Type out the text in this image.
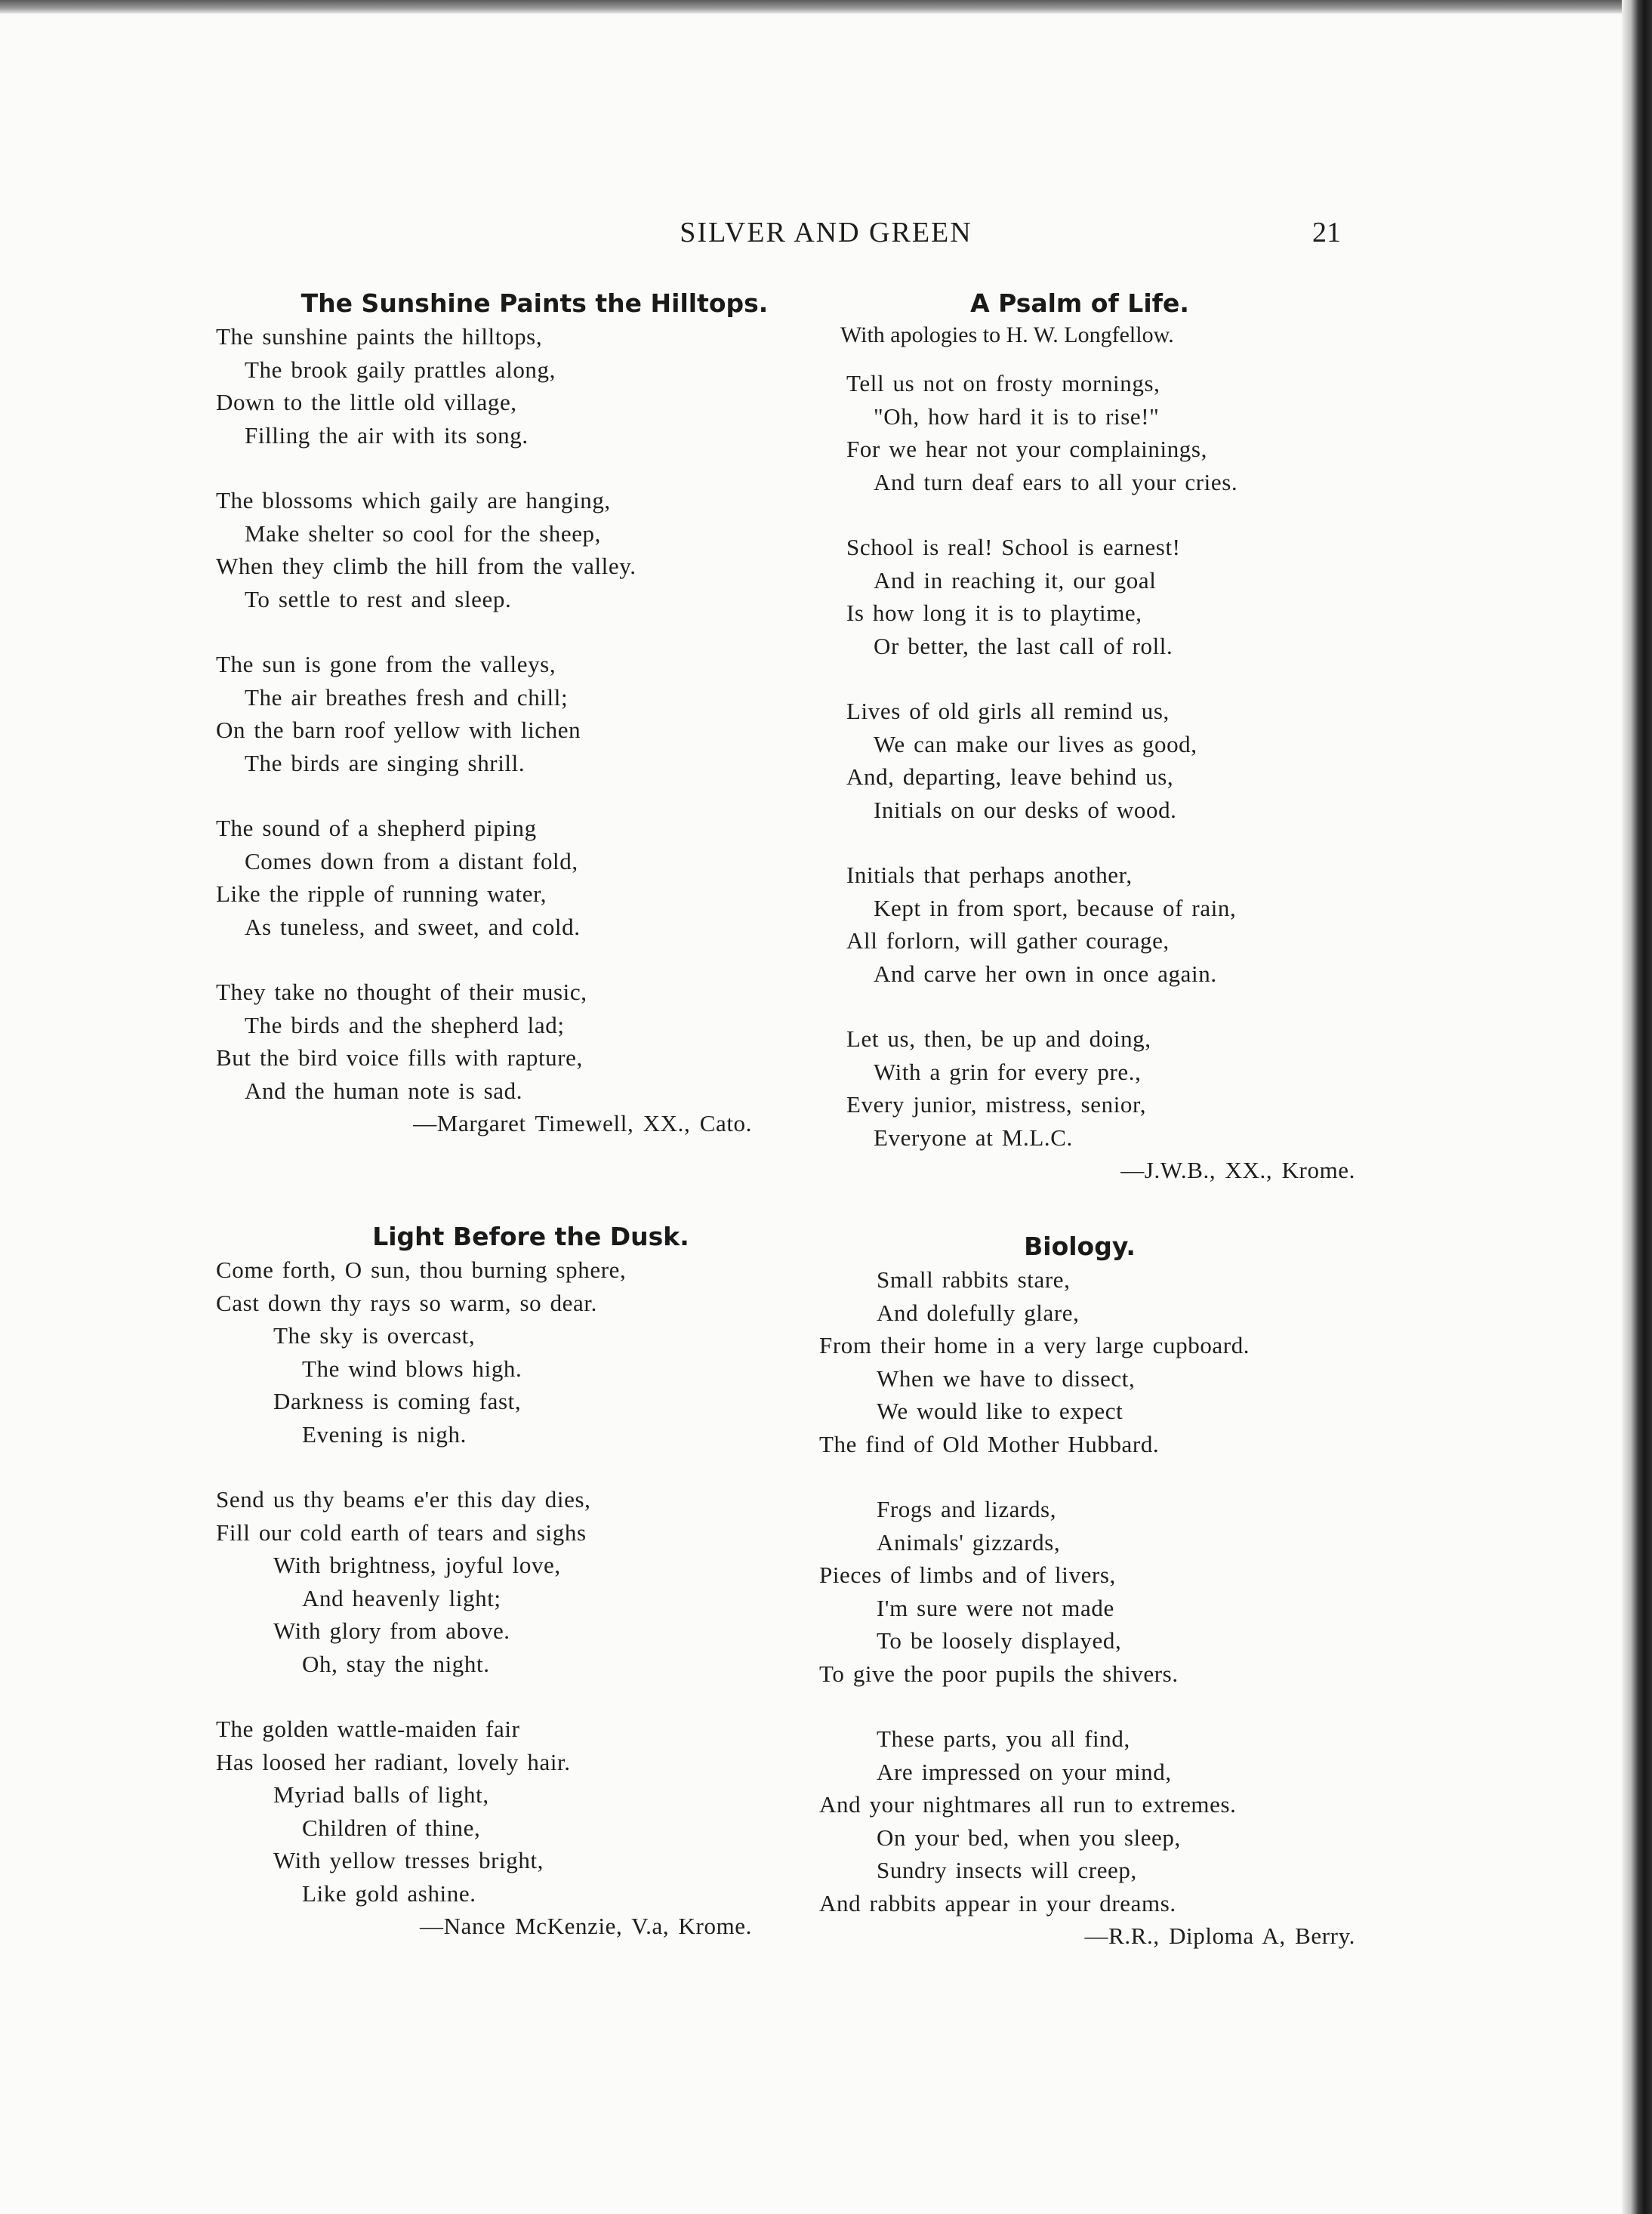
SILVER AND GREEN	21
The Sunshine Paints the Hilltops.
The sunshine paints the hilltops,
The brook gaily prattles along,
Down to the little old village,
Filling the air with its song.
The blossoms which gaily are hanging,
Make shelter so cool for the sheep,
When they climb the hill from the valley.
To settle to rest and sleep.
The sun is gone from the valleys,
The air breathes fresh and chill;
On the barn roof yellow with lichen
The birds are singing shrill.
The sound of a shepherd piping
Comes down from a distant fold,
Like the ripple of running water,
As tuneless, and sweet, and cold.
They take no thought of their music,
The birds and the shepherd lad;
But the bird voice fills with rapture,
And the human note is sad.
—Margaret Timewell, XX., Cato.
Light Before the Dusk.
Come forth, O sun, thou burning sphere,
Cast down thy rays so warm, so dear.
The sky is overcast,
The wind blows high.
Darkness is coming fast,
Evening is nigh.
Send us thy beams e'er this day dies,
Fill our cold earth of tears and sighs
With brightness, joyful love,
And heavenly light;
With glory from above.
Oh, stay the night.
The golden wattle-maiden fair
Has loosed her radiant, lovely hair.
Myriad balls of light,
Children of thine,
With yellow tresses bright,
Like gold ashine.
—Nance McKenzie, V.a, Krome.
A Psalm of Life.
With apologies to H. W. Longfellow.
Tell us not on frosty mornings,
"Oh, how hard it is to rise!"
For we hear not your complainings,
And turn deaf ears to all your cries.
School is real! School is earnest!
And in reaching it, our goal
Is how long it is to playtime,
Or better, the last call of roll.
Lives of old girls all remind us,
We can make our lives as good,
And, departing, leave behind us,
Initials on our desks of wood.
Initials that perhaps another,
Kept in from sport, because of rain,
All forlorn, will gather courage,
And carve her own in once again.
Let us, then, be up and doing,
With a grin for every pre.,
Every junior, mistress, senior,
Everyone at M.L.C.
—J.W.B., XX., Krome.
Biology.
Small rabbits stare,
And dolefully glare,
From their home in a very large cupboard.
When we have to dissect,
We would like to expect
The find of Old Mother Hubbard.
Frogs and lizards,
Animals' gizzards,
Pieces of limbs and of livers,
I'm sure were not made
To be loosely displayed,
To give the poor pupils the shivers.
These parts, you all find,
Are impressed on your mind,
And your nightmares all run to extremes.
On your bed, when you sleep,
Sundry insects will creep,
And rabbits appear in your dreams.
—R.R., Diploma A, Berry.
